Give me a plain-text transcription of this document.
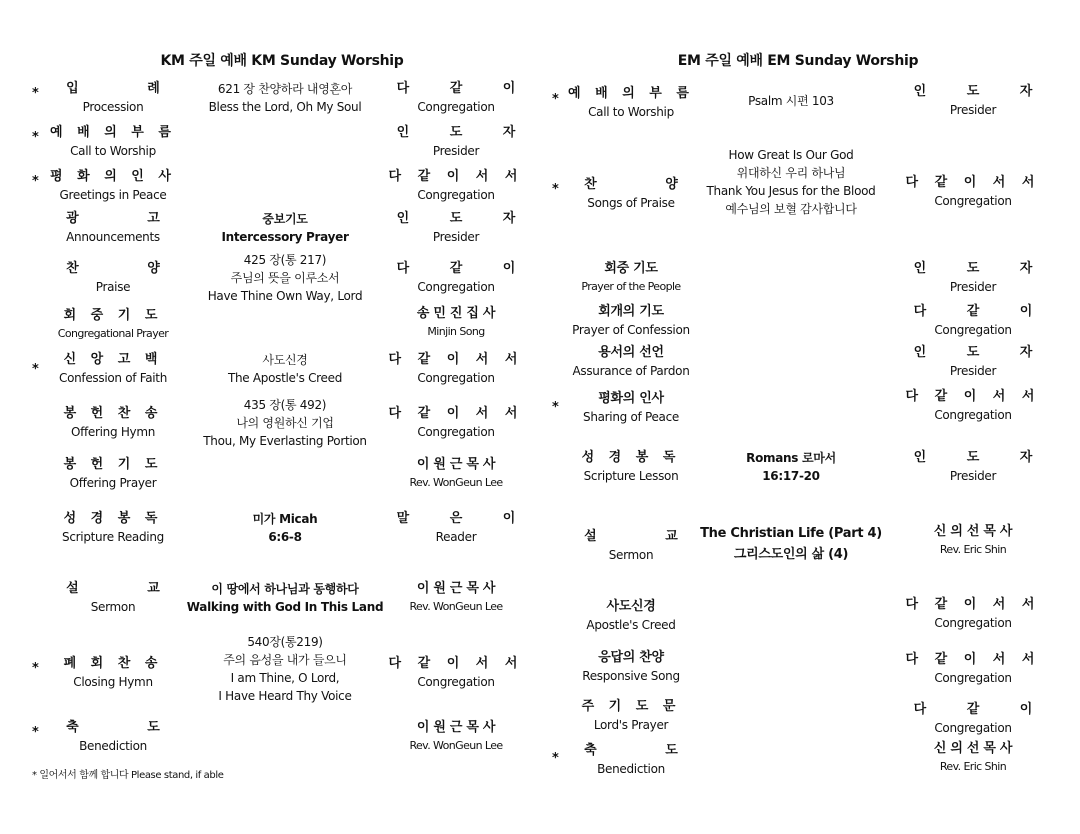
KM 주일 예배 KM Sunday Worship	EM 주일 예배 EM Sunday Worship
* 입 례
Procession
621 장 찬양하라 내영혼아
Bless the Lord, Oh My Soul
다 같 이
Congregation
* 예 배 의 부 름
Call to Worship
인 도 자
Presider
* 평 화 의 인 사
Greetings in Peace
다 같 이 서 서
Congregation
광 고
Announcements
중보기도
Intercessory Prayer
인 도 자
Presider
찬 양
Praise
425 장(통 217)
주님의 뜻을 이루소서
Have Thine Own Way, Lord
다 같 이
Congregation
회 중 기 도
Congregational Prayer
송 민 진 집 사
Minjin Song
*
신 앙 고 백
Confession of Faith
사도신경
The Apostle's Creed
다 같 이 서 서
Congregation
봉 헌 찬 송
Offering Hymn
435 장(통 492)
나의 영원하신 기업
Thou, My Everlasting Portion
다 같 이 서 서
Congregation
봉 헌 기 도
Offering Prayer
이 원 근 목 사
Rev. WonGeun Lee
성 경 봉 독
Scripture Reading
미가 Micah
6:6-8
말 은 이
Reader
설 교
Sermon
이 땅에서 하나님과 동행하다
Walking with God In This Land
이 원 근 목 사
Rev. WonGeun Lee
* 폐 회 찬 송
Closing Hymn
540장(통219)
주의 음성을 내가 들으니
I am Thine, O Lord,
I Have Heard Thy Voice
다 같 이 서 서
Congregation
* 축 도
Benediction
이 원 근 목 사
Rev. WonGeun Lee
* 일어서서 함께 합니다 Please stand, if able
* 예 배 의 부 름
Call to Worship
Psalm 시편 103
인 도 자
Presider
* 찬 양
Songs of Praise
How Great Is Our God
위대하신 우리 하나님
Thank You Jesus for the Blood
예수님의 보혈 감사합니다
다 같 이 서 서
Congregation
회중 기도
Prayer of the People
인 도 자
Presider
회개의 기도
Prayer of Confession
다 같 이
Congregation
용서의 선언
Assurance of Pardon
인 도 자
Presider
*
평화의 인사
Sharing of Peace
다 같 이 서 서
Congregation
성 경 봉 독
Scripture Lesson
Romans 로마서
16:17-20
인 도 자
Presider
설 교
Sermon
The Christian Life (Part 4)
그리스도인의 삶 (4)
신 의 선 목 사
Rev. Eric Shin
사도신경
Apostle's Creed
다 같 이 서 서
Congregation
응답의 찬양
Responsive Song
다 같 이 서 서
Congregation
주 기 도 문
Lord's Prayer
다 같 이
Congregation
*
축 도
Benediction
신 의 선 목 사
Rev. Eric Shin
